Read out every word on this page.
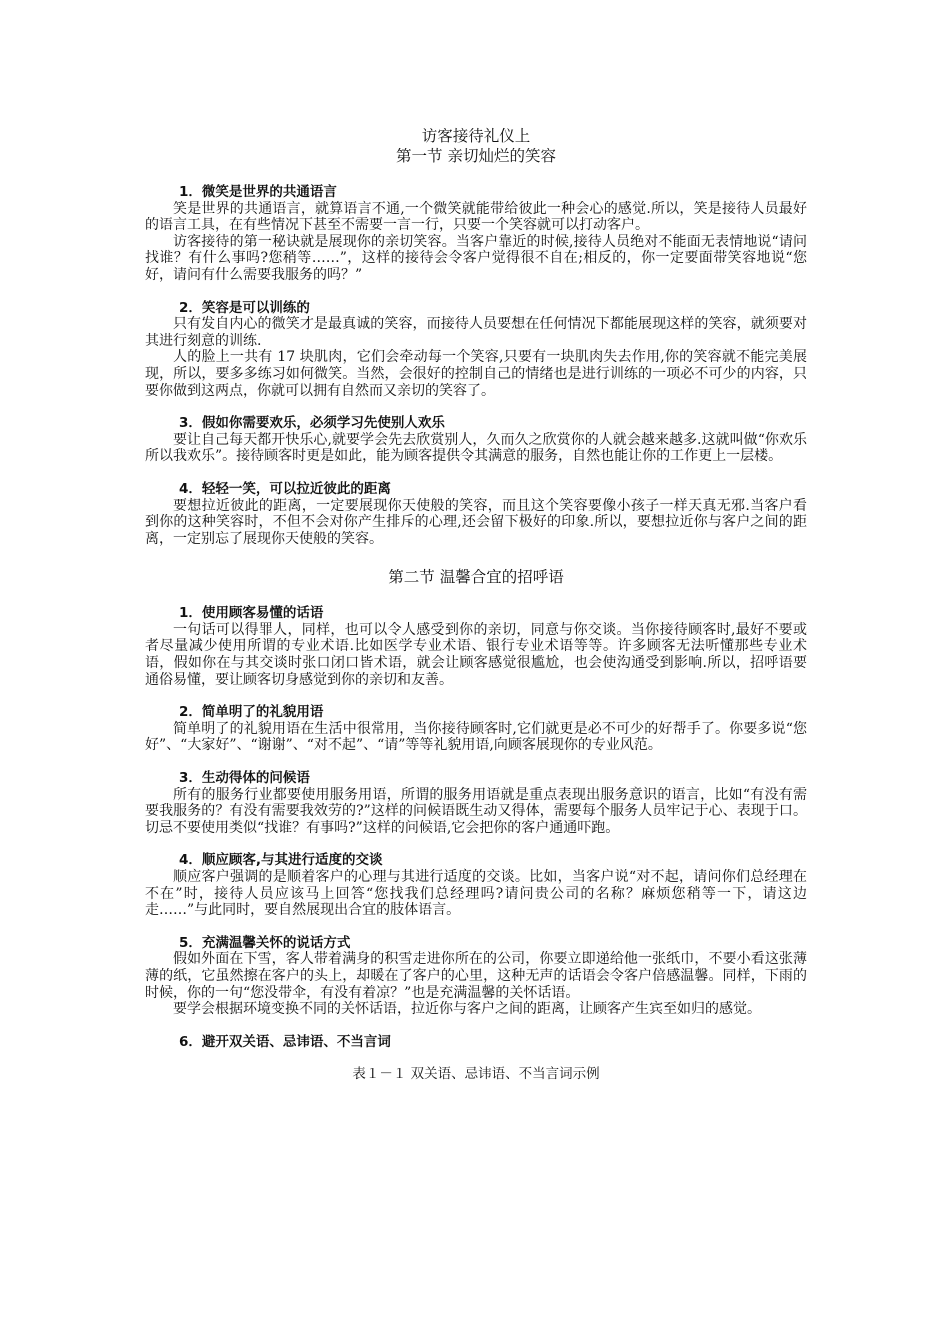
访客接待礼仪上
第一节 亲切灿烂的笑容
1．微笑是世界的共通语言

笑是世界的共通语言，就算语言不通,一个微笑就能带给彼此一种会心的感觉.所以，笑是接待人员最好的语言工具，在有些情况下甚至不需要一言一行，只要一个笑容就可以打动客户。

访客接待的第一秘诀就是展现你的亲切笑容。当客户靠近的时候,接待人员绝对不能面无表情地说“请问找谁？有什么事吗?您稍等……”，这样的接待会令客户觉得很不自在;相反的，你一定要面带笑容地说“您好，请问有什么需要我服务的吗？”

2．笑容是可以训练的

只有发自内心的微笑才是最真诚的笑容，而接待人员要想在任何情况下都能展现这样的笑容，就须要对其进行刻意的训练.

人的脸上一共有 17 块肌肉，它们会牵动每一个笑容,只要有一块肌肉失去作用,你的笑容就不能完美展现，所以，要多多练习如何微笑。当然，会很好的控制自己的情绪也是进行训练的一项必不可少的内容，只要你做到这两点，你就可以拥有自然而又亲切的笑容了。

3．假如你需要欢乐，必须学习先使别人欢乐

要让自己每天都开快乐心,就要学会先去欣赏别人，久而久之欣赏你的人就会越来越多.这就叫做“你欢乐所以我欢乐”。接待顾客时更是如此，能为顾客提供令其满意的服务，自然也能让你的工作更上一层楼。

4．轻轻一笑，可以拉近彼此的距离

要想拉近彼此的距离，一定要展现你天使般的笑容，而且这个笑容要像小孩子一样天真无邪.当客户看到你的这种笑容时，不但不会对你产生排斥的心理,还会留下极好的印象.所以，要想拉近你与客户之间的距离，一定别忘了展现你天使般的笑容。

第二节 温馨合宜的招呼语
1．使用顾客易懂的话语

一句话可以得罪人，同样，也可以令人感受到你的亲切，同意与你交谈。当你接待顾客时,最好不要或者尽量减少使用所谓的专业术语.比如医学专业术语、银行专业术语等等。许多顾客无法听懂那些专业术语，假如你在与其交谈时张口闭口皆术语，就会让顾客感觉很尴尬，也会使沟通受到影响.所以，招呼语要通俗易懂，要让顾客切身感觉到你的亲切和友善。

2．简单明了的礼貌用语

简单明了的礼貌用语在生活中很常用，当你接待顾客时,它们就更是必不可少的好帮手了。你要多说“您好”、“大家好”、“谢谢”、“对不起”、“请”等等礼貌用语,向顾客展现你的专业风范。

3．生动得体的问候语

所有的服务行业都要使用服务用语，所谓的服务用语就是重点表现出服务意识的语言，比如“有没有需要我服务的？有没有需要我效劳的?”这样的问候语既生动又得体，需要每个服务人员牢记于心、表现于口。切忌不要使用类似“找谁？有事吗?”这样的问候语,它会把你的客户通通吓跑。

4．顺应顾客,与其进行适度的交谈

顺应客户强调的是顺着客户的心理与其进行适度的交谈。比如，当客户说“对不起，请问你们总经理在不在”时，接待人员应该马上回答“您找我们总经理吗?请问贵公司的名称？麻烦您稍等一下，请这边走……”与此同时，要自然展现出合宜的肢体语言。

5．充满温馨关怀的说话方式

假如外面在下雪，客人带着满身的积雪走进你所在的公司，你要立即递给他一张纸巾，不要小看这张薄薄的纸，它虽然擦在客户的头上，却暖在了客户的心里，这种无声的话语会令客户倍感温馨。同样，下雨的时候，你的一句“您没带伞，有没有着凉？”也是充满温馨的关怀话语。

要学会根据环境变换不同的关怀话语，拉近你与客户之间的距离，让顾客产生宾至如归的感觉。

6．避开双关语、忌讳语、不当言词
表１－１ 双关语、忌讳语、不当言词示例
